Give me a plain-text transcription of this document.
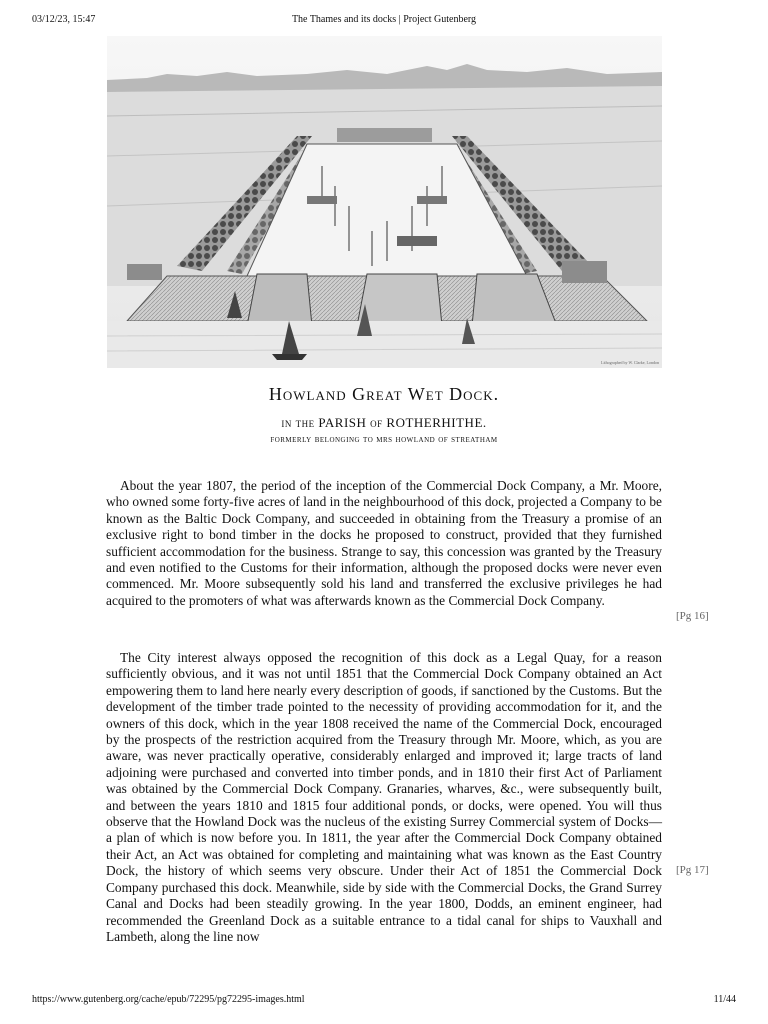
03/12/23, 15:47	The Thames and its docks | Project Gutenberg
Lithographed by W. Clarke, London
Howland Great Wet Dock.
in the PARISH of ROTHERHITHE.
formerly belonging to mrs howland of streatham

About the year 1807, the period of the inception of the Commercial Dock Company, a Mr. Moore, who owned some forty-five acres of land in the neighbourhood of this dock, projected a Company to be known as the Baltic Dock Company, and succeeded in obtaining from the Treasury a promise of an exclusive right to bond timber in the docks he proposed to construct, provided that they furnished sufficient accommodation for the business. Strange to say, this concession was granted by the Treasury and even notified to the Customs for their information, although the proposed docks were never even commenced. Mr. Moore subsequently sold his land and transferred the exclusive privileges he had acquired to the promoters of what was afterwards known as the Commercial Dock Company.

[Pg 16]

The City interest always opposed the recognition of this dock as a Legal Quay, for a reason sufficiently obvious, and it was not until 1851 that the Commercial Dock Company obtained an Act empowering them to land here nearly every description of goods, if sanctioned by the Customs. But the development of the timber trade pointed to the necessity of providing accommodation for it, and the owners of this dock, which in the year 1808 received the name of the Commercial Dock, encouraged by the prospects of the restriction acquired from the Treasury through Mr. Moore, which, as you are aware, was never practically operative, considerably enlarged and improved it; large tracts of land adjoining were purchased and converted into timber ponds, and in 1810 their first Act of Parliament was obtained by the Commercial Dock Company. Granaries, wharves, &c., were subsequently built, and between the years 1810 and 1815 four additional ponds, or docks, were opened. You will thus observe that the Howland Dock was the nucleus of the existing Surrey Commercial system of Docks—a plan of which is now before you. In 1811, the year after the Commercial Dock Company obtained their Act, an Act was obtained for completing and maintaining what was known as the East Country Dock, the history of which seems very obscure. Under their Act of 1851 the Commercial Dock Company purchased this dock. Meanwhile, side by side with the Commercial Docks, the Grand Surrey Canal and Docks had been steadily growing. In the year 1800, Dodds, an eminent engineer, had recommended the Greenland Dock as a suitable entrance to a tidal canal for ships to Vauxhall and Lambeth, along the line now

[Pg 17]
https://www.gutenberg.org/cache/epub/72295/pg72295-images.html	11/44
